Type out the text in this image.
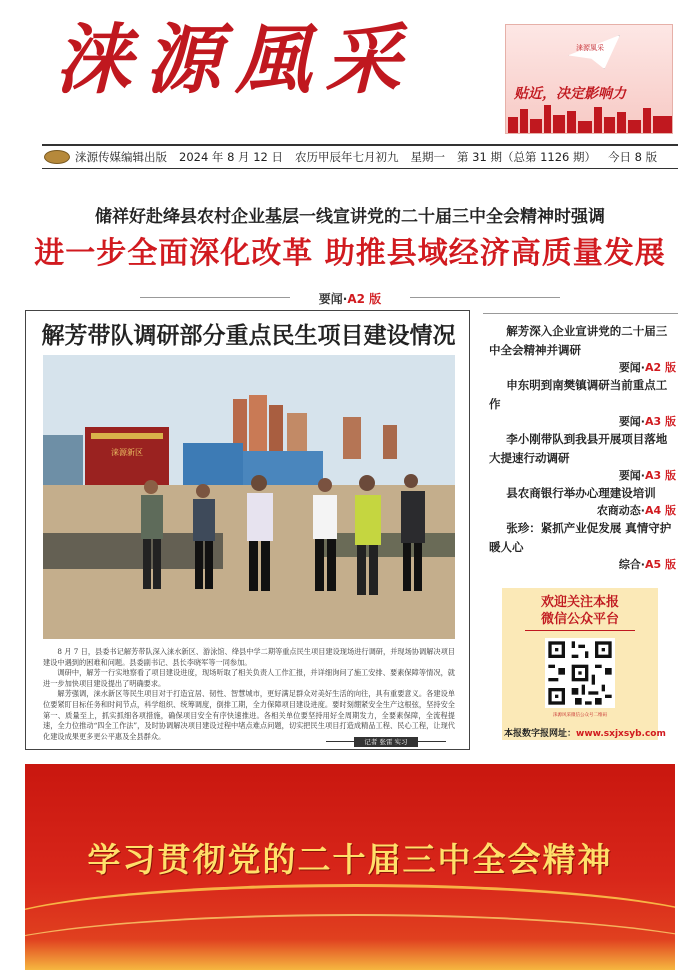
涞源風采	涞源風采
贴近，决定影响力
涞源传媒编辑出版 2024 年 8 月 12 日 农历甲辰年七月初九 星期一 第 31 期（总第 1126 期） 今日 8 版
储祥好赴绛县农村企业基层一线宣讲党的二十届三中全会精神时强调
进一步全面深化改革 助推县域经济高质量发展
要闻·A2 版
解芳带队调研部分重点民生项目建设情况
涞源新区

8 月 7 日，县委书记解芳带队深入涞水新区、游泳馆、绛县中学二期等重点民生项目建设现场进行调研，并现场协调解决项目建设中遇到的困难和问题。县委副书记、县长李晓军等一同参加。

调研中，解芳一行实地察看了项目建设进度，现场听取了相关负责人工作汇报，并详细询问了施工安排、要素保障等情况，就进一步加快项目建设提出了明确要求。

解芳强调，涞水新区等民生项目对于打造宜居、韧性、智慧城市，更好满足群众对美好生活的向往，具有重要意义。各建设单位要紧盯目标任务和时间节点，科学组织、统筹调度，倒排工期，全力保障项目建设进度。要时刻绷紧安全生产这根弦，坚持安全第一、质量至上，抓实抓细各项措施，确保项目安全有序快速推进。各相关单位要坚持用好全周期发力，全要素保障，全流程提速，全力位推动“四全工作法”，及时协调解决项目建设过程中堵点难点问题，切实把民生项目打造成精品工程、民心工程，让现代化建设成果更多更公平惠及全县群众。

记者 张雷 实习
解芳深入企业宣讲党的二十届三中全会精神并调研
要闻·A2 版
申东明到南樊镇调研当前重点工作
要闻·A3 版
李小刚带队到我县开展项目落地大提速行动调研
要闻·A3 版
县农商银行举办心理建设培训
农商动态·A4 版
张珍：紧抓产业促发展 真情守护暖人心
综合·A5 版
欢迎关注本报
微信公众平台
涞源风采微信公众号二维码
本报数字报网址：www.sxjxsyb.com
学习贯彻党的二十届三中全会精神
